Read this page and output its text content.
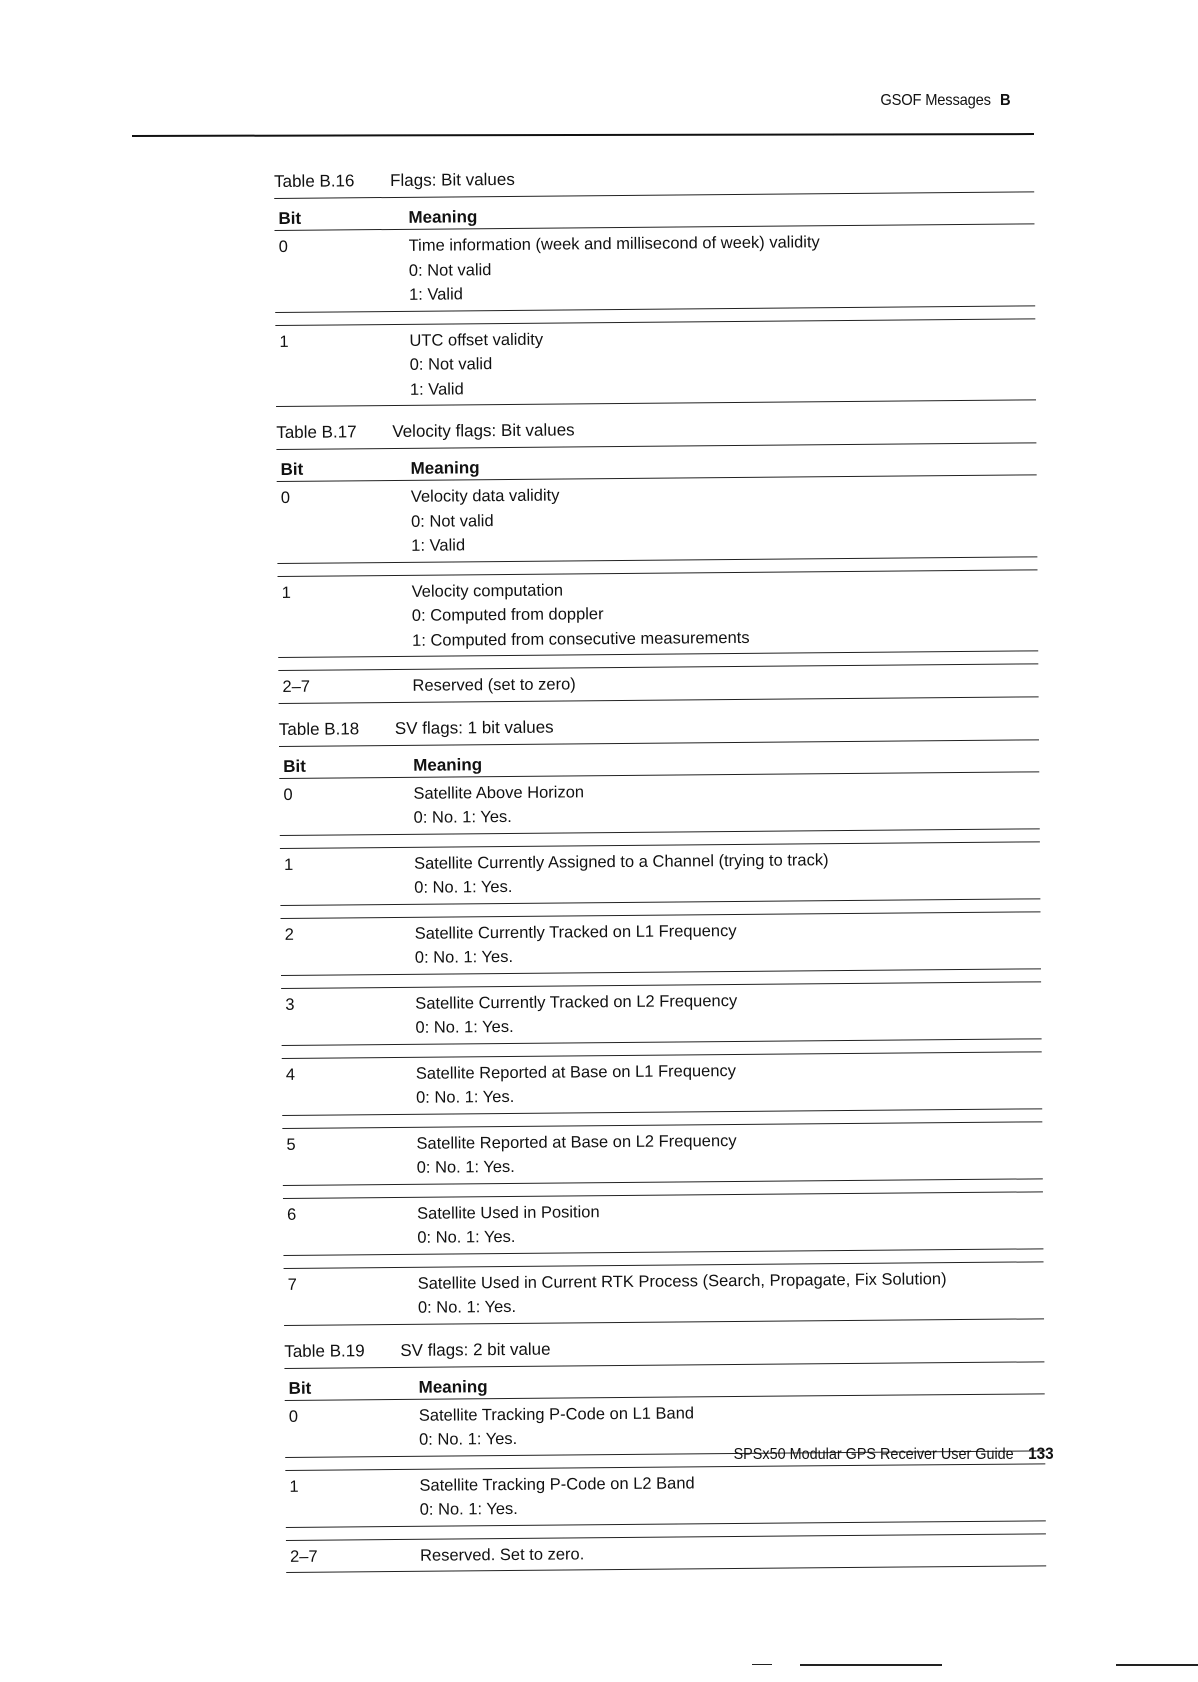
GSOF Messages B
Table B.16 Flags: Bit values
Bit	Meaning
0	Time information (week and millisecond of week) validity
0: Not valid
1: Valid
1	UTC offset validity
0: Not valid
1: Valid
Table B.17 Velocity flags: Bit values
Bit	Meaning
0	Velocity data validity
0: Not valid
1: Valid
1	Velocity computation
0: Computed from doppler
1: Computed from consecutive measurements
2–7	Reserved (set to zero)
Table B.18 SV flags: 1 bit values
Bit	Meaning
0	Satellite Above Horizon
0: No. 1: Yes.
1	Satellite Currently Assigned to a Channel (trying to track)
0: No. 1: Yes.
2	Satellite Currently Tracked on L1 Frequency
0: No. 1: Yes.
3	Satellite Currently Tracked on L2 Frequency
0: No. 1: Yes.
4	Satellite Reported at Base on L1 Frequency
0: No. 1: Yes.
5	Satellite Reported at Base on L2 Frequency
0: No. 1: Yes.
6	Satellite Used in Position
0: No. 1: Yes.
7	Satellite Used in Current RTK Process (Search, Propagate, Fix Solution)
0: No. 1: Yes.
Table B.19 SV flags: 2 bit value
Bit	Meaning
0	Satellite Tracking P-Code on L1 Band
0: No. 1: Yes.
1	Satellite Tracking P-Code on L2 Band
0: No. 1: Yes.
2–7	Reserved. Set to zero.
SPSx50 Modular GPS Receiver User Guide 133
